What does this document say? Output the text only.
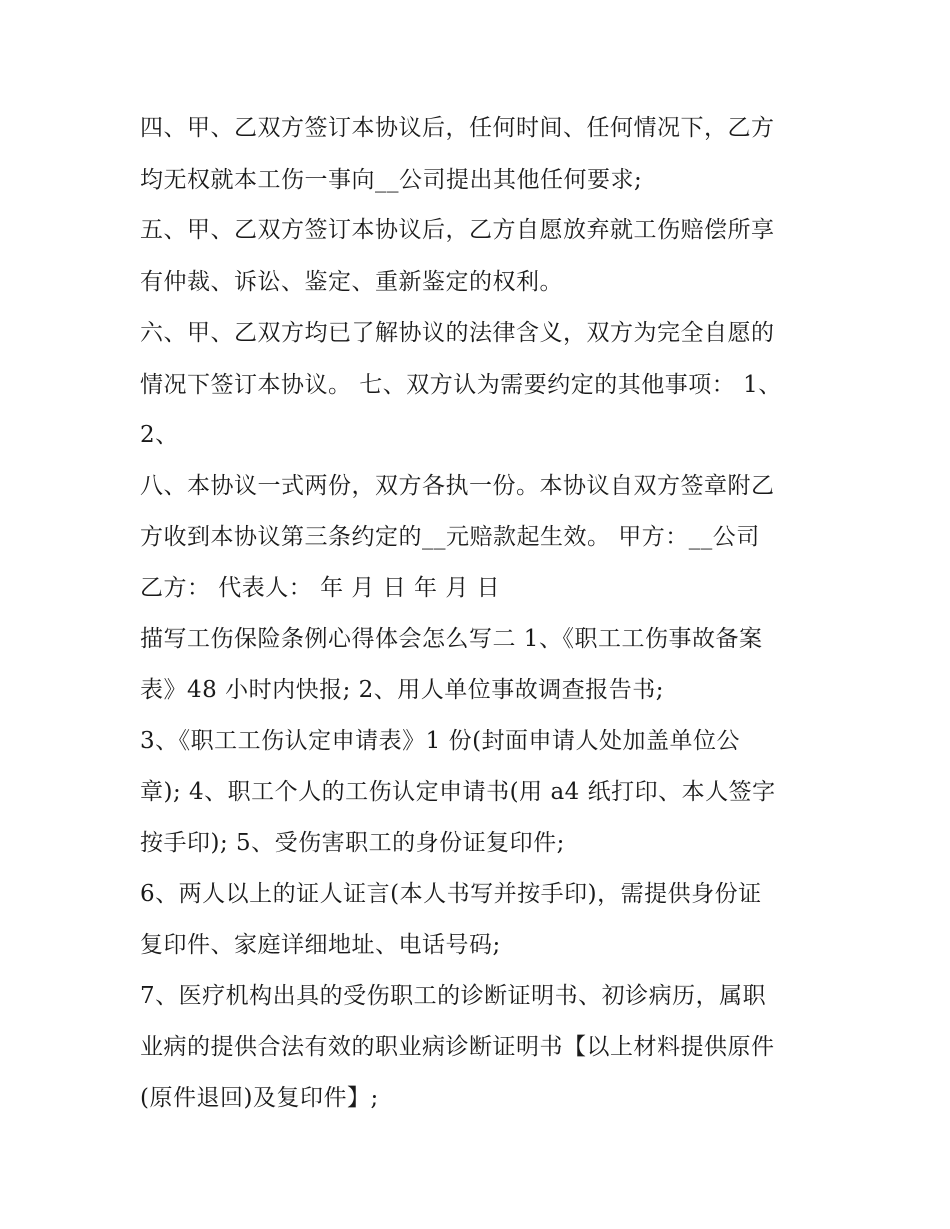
四、甲、乙双方签订本协议后，任何时间、任何情况下，乙方
均无权就本工伤一事向__公司提出其他任何要求;
五、甲、乙双方签订本协议后，乙方自愿放弃就工伤赔偿所享
有仲裁、诉讼、鉴定、重新鉴定的权利。
六、甲、乙双方均已了解协议的法律含义，双方为完全自愿的
情况下签订本协议。 七、双方认为需要约定的其他事项： 1、
2、
八、本协议一式两份，双方各执一份。本协议自双方签章附乙
方收到本协议第三条约定的__元赔款起生效。 甲方：__公司
乙方： 代表人： 年 月 日 年 月 日
描写工伤保险条例心得体会怎么写二 1、《职工工伤事故备案
表》48 小时内快报; 2、用人单位事故调查报告书;
3、《职工工伤认定申请表》1 份(封面申请人处加盖单位公
章); 4、职工个人的工伤认定申请书(用 a4 纸打印、本人签字
按手印); 5、受伤害职工的身份证复印件;
6、两人以上的证人证言(本人书写并按手印)，需提供身份证
复印件、家庭详细地址、电话号码;
7、医疗机构出具的受伤职工的诊断证明书、初诊病历，属职
业病的提供合法有效的职业病诊断证明书【以上材料提供原件
(原件退回)及复印件】;
